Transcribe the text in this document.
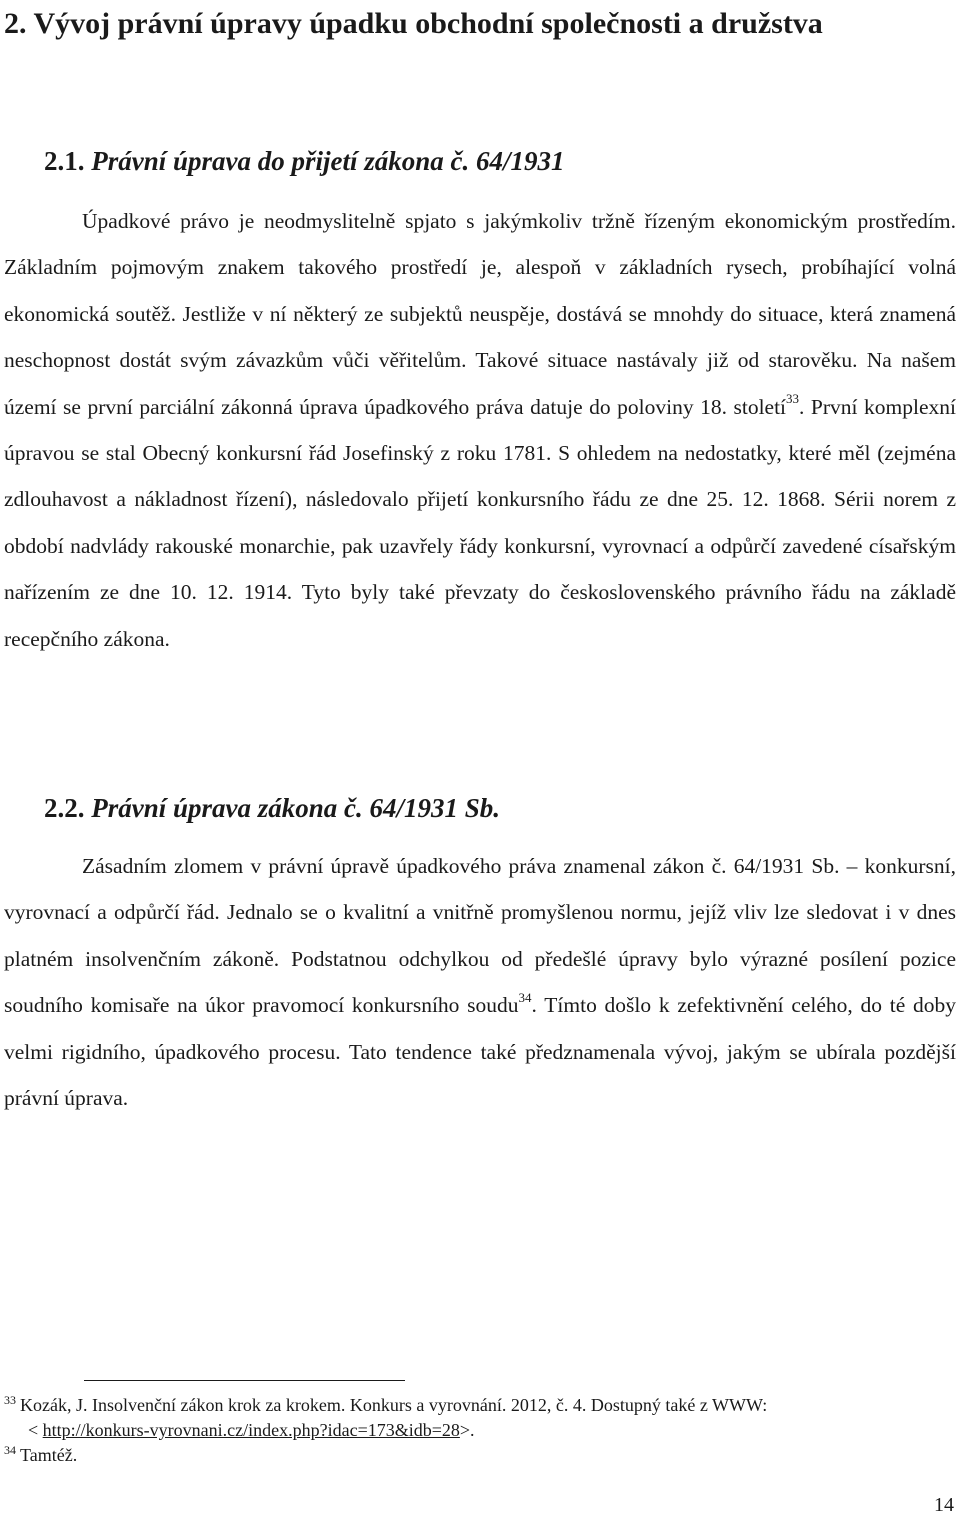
2. Vývoj právní úpravy úpadku obchodní společnosti a družstva
2.1. Právní úprava do přijetí zákona č. 64/1931

Úpadkové právo je neodmyslitelně spjato s jakýmkoliv tržně řízeným ekonomickým prostředím. Základním pojmovým znakem takového prostředí je, alespoň v základních rysech, probíhající volná ekonomická soutěž. Jestliže v ní některý ze subjektů neuspěje, dostává se mnohdy do situace, která znamená neschopnost dostát svým závazkům vůči věřitelům. Takové situace nastávaly již od starověku. Na našem území se první parciální zákonná úprava úpadkového práva datuje do poloviny 18. století$^{33}$. První komplexní úpravou se stal Obecný konkursní řád Josefinský z roku 1781. S ohledem na nedostatky, které měl (zejména zdlouhavost a nákladnost řízení), následovalo přijetí konkursního řádu ze dne 25. 12. 1868. Sérii norem z období nadvlády rakouské monarchie, pak uzavřely řády konkursní, vyrovnací a odpůrčí zavedené císařským nařízením ze dne 10. 12. 1914. Tyto byly také převzaty do československého právního řádu na základě recepčního zákona.

2.2. Právní úprava zákona č. 64/1931 Sb.

Zásadním zlomem v právní úpravě úpadkového práva znamenal zákon č. 64/1931 Sb. – konkursní, vyrovnací a odpůrčí řád. Jednalo se o kvalitní a vnitřně promyšlenou normu, jejíž vliv lze sledovat i v dnes platném insolvenčním zákoně. Podstatnou odchylkou od předešlé úpravy bylo výrazné posílení pozice soudního komisaře na úkor pravomocí konkursního soudu$^{34}$. Tímto došlo k zefektivnění celého, do té doby velmi rigidního, úpadkového procesu. Tato tendence také předznamenala vývoj, jakým se ubírala pozdější právní úprava.

$^{33}$ Kozák, J. Insolvenční zákon krok za krokem. Konkurs a vyrovnání. 2012, č. 4. Dostupný také z WWW:
< http://konkurs-vyrovnani.cz/index.php?idac=173&idb=28>.

$^{34}$ Tamtéž.

14
